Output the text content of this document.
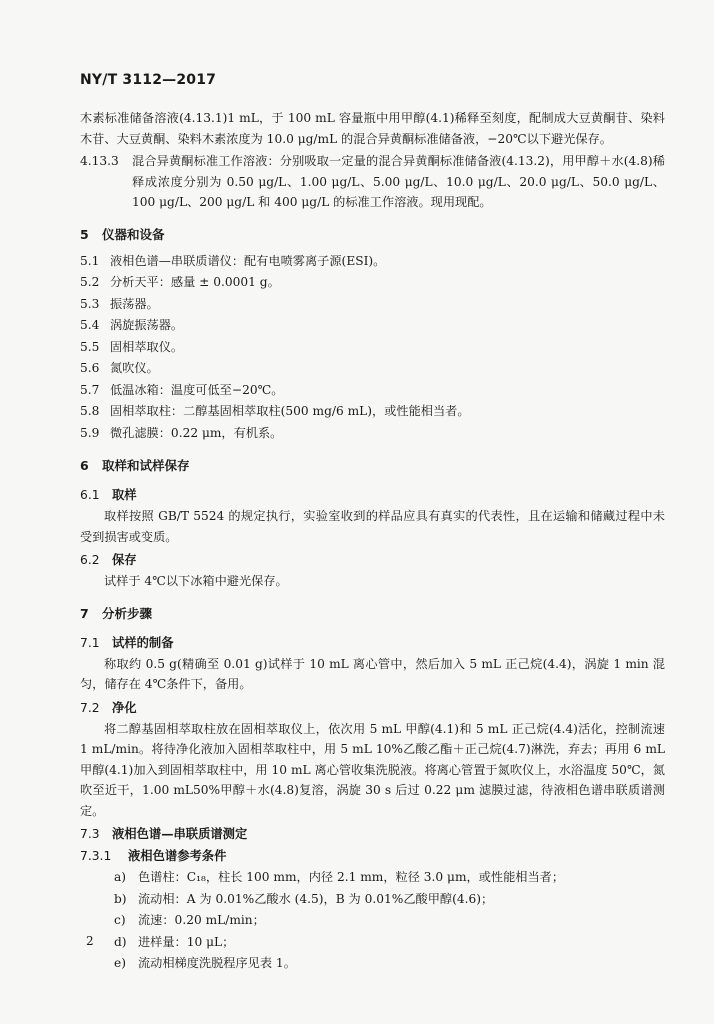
NY/T 3112—2017

木素标准储备溶液(4.13.1)1 mL，于 100 mL 容量瓶中用甲醇(4.1)稀释至刻度，配制成大豆黄酮苷、染料木苷、大豆黄酮、染料木素浓度为 10.0 μg/mL 的混合异黄酮标准储备液，−20℃以下避光保存。

4.13.3	混合异黄酮标准工作溶液：分别吸取一定量的混合异黄酮标准储备液(4.13.2)，用甲醇＋水(4.8)稀释成浓度分别为 0.50 μg/L、1.00 μg/L、5.00 μg/L、10.0 μg/L、20.0 μg/L、50.0 μg/L、100 μg/L、200 μg/L 和 400 μg/L 的标准工作溶液。现用现配。
5	仪器和设备
5.1 液相色谱—串联质谱仪：配有电喷雾离子源(ESI)。
5.2 分析天平：感量 ± 0.0001 g。
5.3 振荡器。
5.4 涡旋振荡器。
5.5 固相萃取仪。
5.6 氮吹仪。
5.7 低温冰箱：温度可低至−20℃。
5.8 固相萃取柱：二醇基固相萃取柱(500 mg/6 mL)，或性能相当者。
5.9 微孔滤膜：0.22 μm，有机系。
6	取样和试样保存
6.1	取样

取样按照 GB/T 5524 的规定执行，实验室收到的样品应具有真实的代表性，且在运输和储藏过程中未受到损害或变质。

6.2	保存

试样于 4℃以下冰箱中避光保存。

7	分析步骤
7.1	试样的制备

称取约 0.5 g(精确至 0.01 g)试样于 10 mL 离心管中，然后加入 5 mL 正己烷(4.4)，涡旋 1 min 混匀，储存在 4℃条件下，备用。

7.2	净化

将二醇基固相萃取柱放在固相萃取仪上，依次用 5 mL 甲醇(4.1)和 5 mL 正己烷(4.4)活化，控制流速 1 mL/min。将待净化液加入固相萃取柱中，用 5 mL 10%乙酸乙酯＋正己烷(4.7)淋洗，弃去；再用 6 mL 甲醇(4.1)加入到固相萃取柱中，用 10 mL 离心管收集洗脱液。将离心管置于氮吹仪上，水浴温度 50℃，氮吹至近干，1.00 mL50%甲醇＋水(4.8)复溶，涡旋 30 s 后过 0.22 μm 滤膜过滤，待液相色谱串联质谱测定。

7.3	液相色谱—串联质谱测定
7.3.1	液相色谱参考条件
a) 色谱柱：C₁₈，柱长 100 mm，内径 2.1 mm，粒径 3.0 μm，或性能相当者；
b) 流动相：A 为 0.01%乙酸水 (4.5)，B 为 0.01%乙酸甲醇(4.6)；
c)	流速：0.20 mL/min；
d) 进样量：10 μL；
e) 流动相梯度洗脱程序见表 1。
2
